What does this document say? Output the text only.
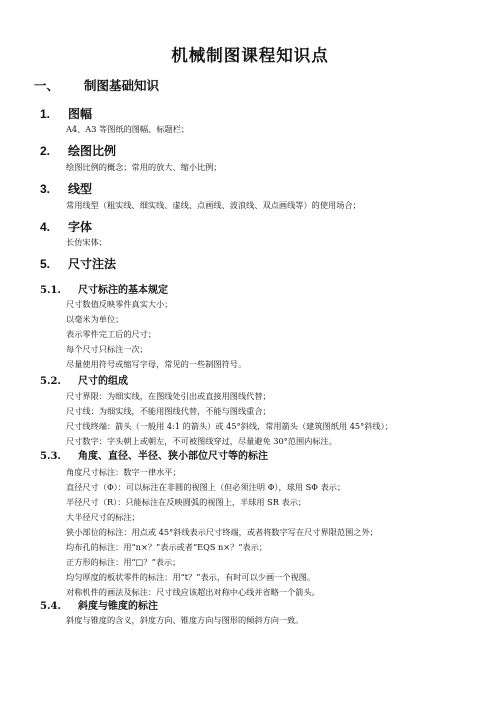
机械制图课程知识点
一、 制图基础知识
1. 图幅
A4、A3 等图纸的图幅、标题栏；
2. 绘图比例
绘图比例的概念；常用的放大、缩小比例；
3. 线型
常用线型（粗实线、细实线、虚线、点画线、波浪线、双点画线等）的使用场合；
4. 字体
长仿宋体；
5. 尺寸注法
5.1. 尺寸标注的基本规定
尺寸数值反映零件真实大小；
以毫米为单位；
表示零件完工后的尺寸；
每个尺寸只标注一次；
尽量使用符号或缩写字母，常见的一些制图符号。
5.2. 尺寸的组成
尺寸界限：为细实线，在图线处引出或直接用图线代替；
尺寸线：为细实线，不能用图线代替，不能与图线重合；
尺寸线终端：箭头（一般用 4:1 的箭头）或 45°斜线，常用箭头（建筑图纸用 45°斜线）；
尺寸数字：字头朝上或朝左，不可被图线穿过，尽量避免 30°范围内标注。
5.3. 角度、直径、半径、狭小部位尺寸等的标注
角度尺寸标注：数字一律水平；
直径尺寸（Φ）：可以标注在非圆的视图上（但必须注明 Φ），球用 SΦ 表示；
半径尺寸（R）：只能标注在反映圆弧的视图上，半球用 SR 表示；
大半径尺寸的标注；
狭小部位的标注：用点或 45°斜线表示尺寸终端，或者将数字写在尺寸界限范围之外；
均布孔的标注：用“n×？”表示或者“EQS n×？”表示；
正方形的标注：用“□？”表示；
均匀厚度的板状零件的标注：用“t？”表示，有时可以少画一个视图。
对称机件的画法及标注：尺寸线应该超出对称中心线并省略一个箭头。
5.4. 斜度与锥度的标注
斜度与锥度的含义，斜度方向、锥度方向与图形的倾斜方向一致。
